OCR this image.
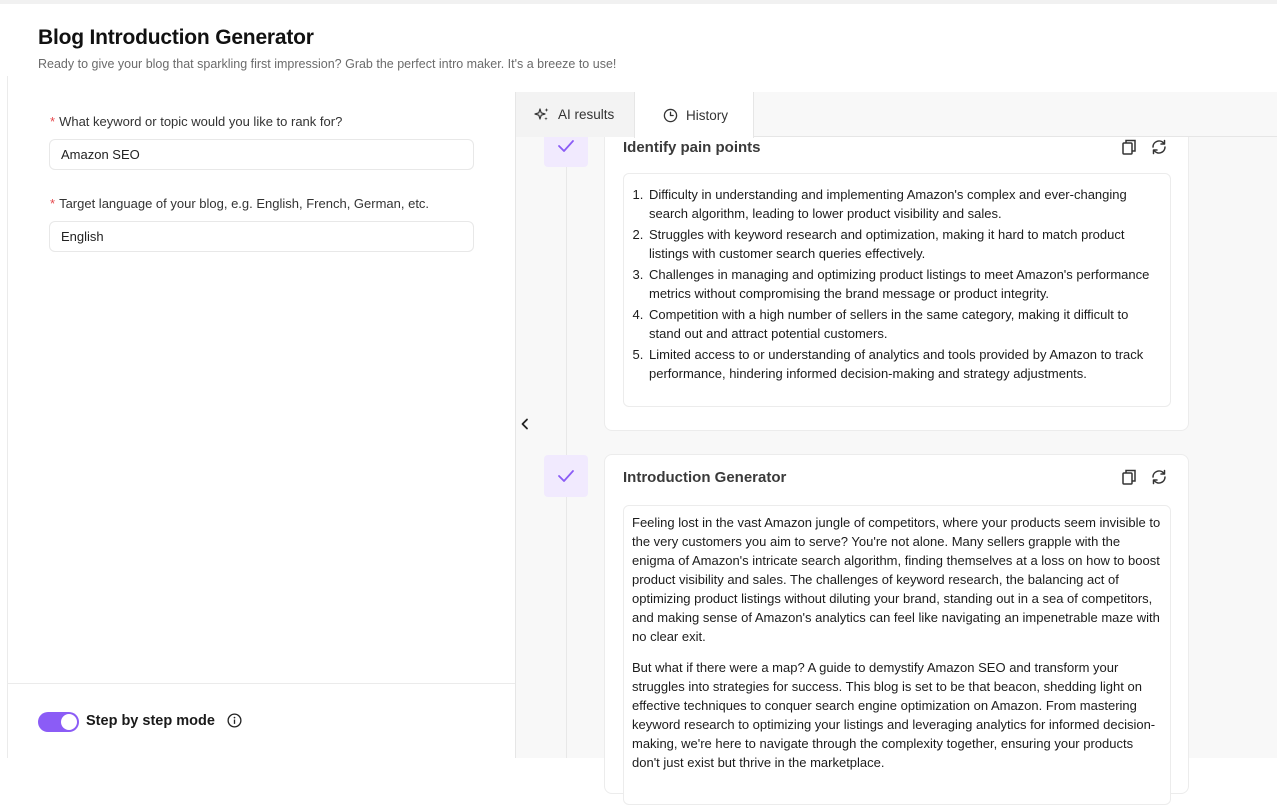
Blog Introduction Generator
Ready to give your blog that sparkling first impression? Grab the perfect intro maker. It's a breeze to use!
* What keyword or topic would you like to rank for?
Amazon SEO
* Target language of your blog, e.g. English, French, German, etc.
English
Step by step mode
AI results	History
Identify pain points
1. Difficulty in understanding and implementing Amazon's complex and ever-changing search algorithm, leading to lower product visibility and sales.
2. Struggles with keyword research and optimization, making it hard to match product listings with customer search queries effectively.
3. Challenges in managing and optimizing product listings to meet Amazon's performance metrics without compromising the brand message or product integrity.
4. Competition with a high number of sellers in the same category, making it difficult to stand out and attract potential customers.
5. Limited access to or understanding of analytics and tools provided by Amazon to track performance, hindering informed decision-making and strategy adjustments.
Introduction Generator

Feeling lost in the vast Amazon jungle of competitors, where your products seem invisible to the very customers you aim to serve? You're not alone. Many sellers grapple with the enigma of Amazon's intricate search algorithm, finding themselves at a loss on how to boost product visibility and sales. The challenges of keyword research, the balancing act of optimizing product listings without diluting your brand, standing out in a sea of competitors, and making sense of Amazon's analytics can feel like navigating an impenetrable maze with no clear exit.

But what if there were a map? A guide to demystify Amazon SEO and transform your struggles into strategies for success. This blog is set to be that beacon, shedding light on effective techniques to conquer search engine optimization on Amazon. From mastering keyword research to optimizing your listings and leveraging analytics for informed decision-making, we're here to navigate through the complexity together, ensuring your products don't just exist but thrive in the marketplace.
